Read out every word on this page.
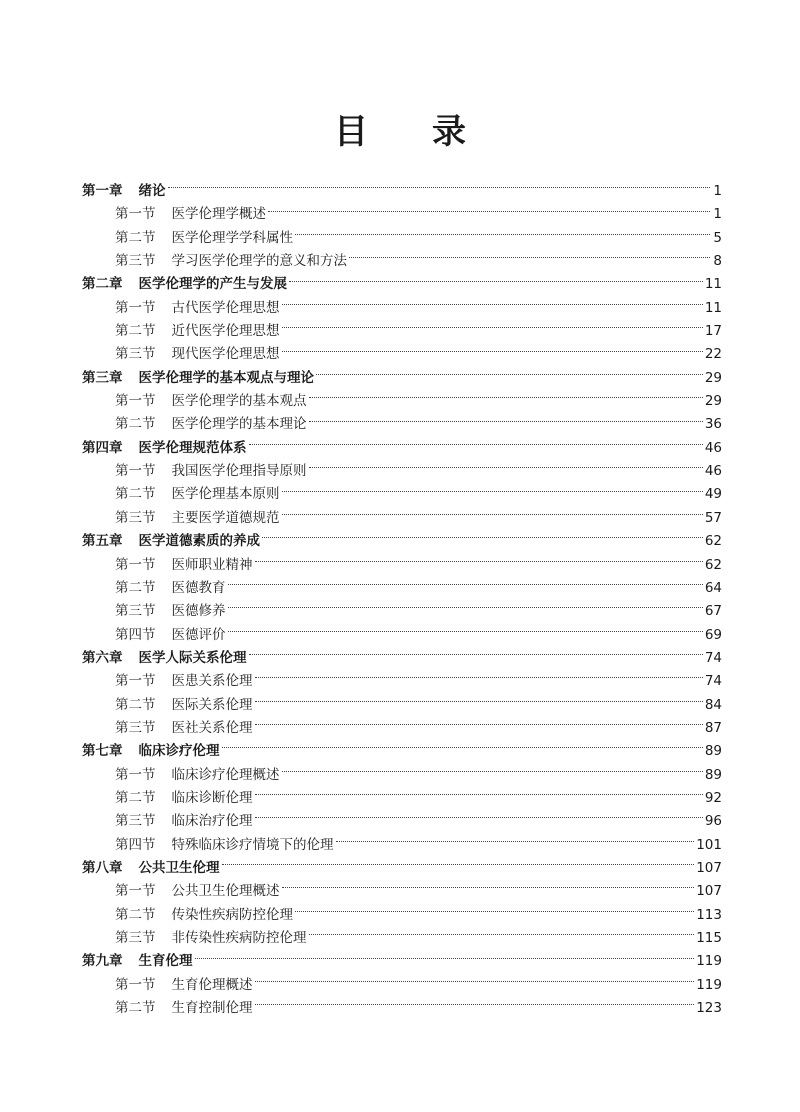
目 录
第一章 绪论	1
第一节 医学伦理学概述	1
第二节 医学伦理学学科属性	5
第三节 学习医学伦理学的意义和方法	8
第二章 医学伦理学的产生与发展	11
第一节 古代医学伦理思想	11
第二节 近代医学伦理思想	17
第三节 现代医学伦理思想	22
第三章 医学伦理学的基本观点与理论	29
第一节 医学伦理学的基本观点	29
第二节 医学伦理学的基本理论	36
第四章 医学伦理规范体系	46
第一节 我国医学伦理指导原则	46
第二节 医学伦理基本原则	49
第三节 主要医学道德规范	57
第五章 医学道德素质的养成	62
第一节 医师职业精神	62
第二节 医德教育	64
第三节 医德修养	67
第四节 医德评价	69
第六章 医学人际关系伦理	74
第一节 医患关系伦理	74
第二节 医际关系伦理	84
第三节 医社关系伦理	87
第七章 临床诊疗伦理	89
第一节 临床诊疗伦理概述	89
第二节 临床诊断伦理	92
第三节 临床治疗伦理	96
第四节 特殊临床诊疗情境下的伦理	101
第八章 公共卫生伦理	107
第一节 公共卫生伦理概述	107
第二节 传染性疾病防控伦理	113
第三节 非传染性疾病防控伦理	115
第九章 生育伦理	119
第一节 生育伦理概述	119
第二节 生育控制伦理	123
